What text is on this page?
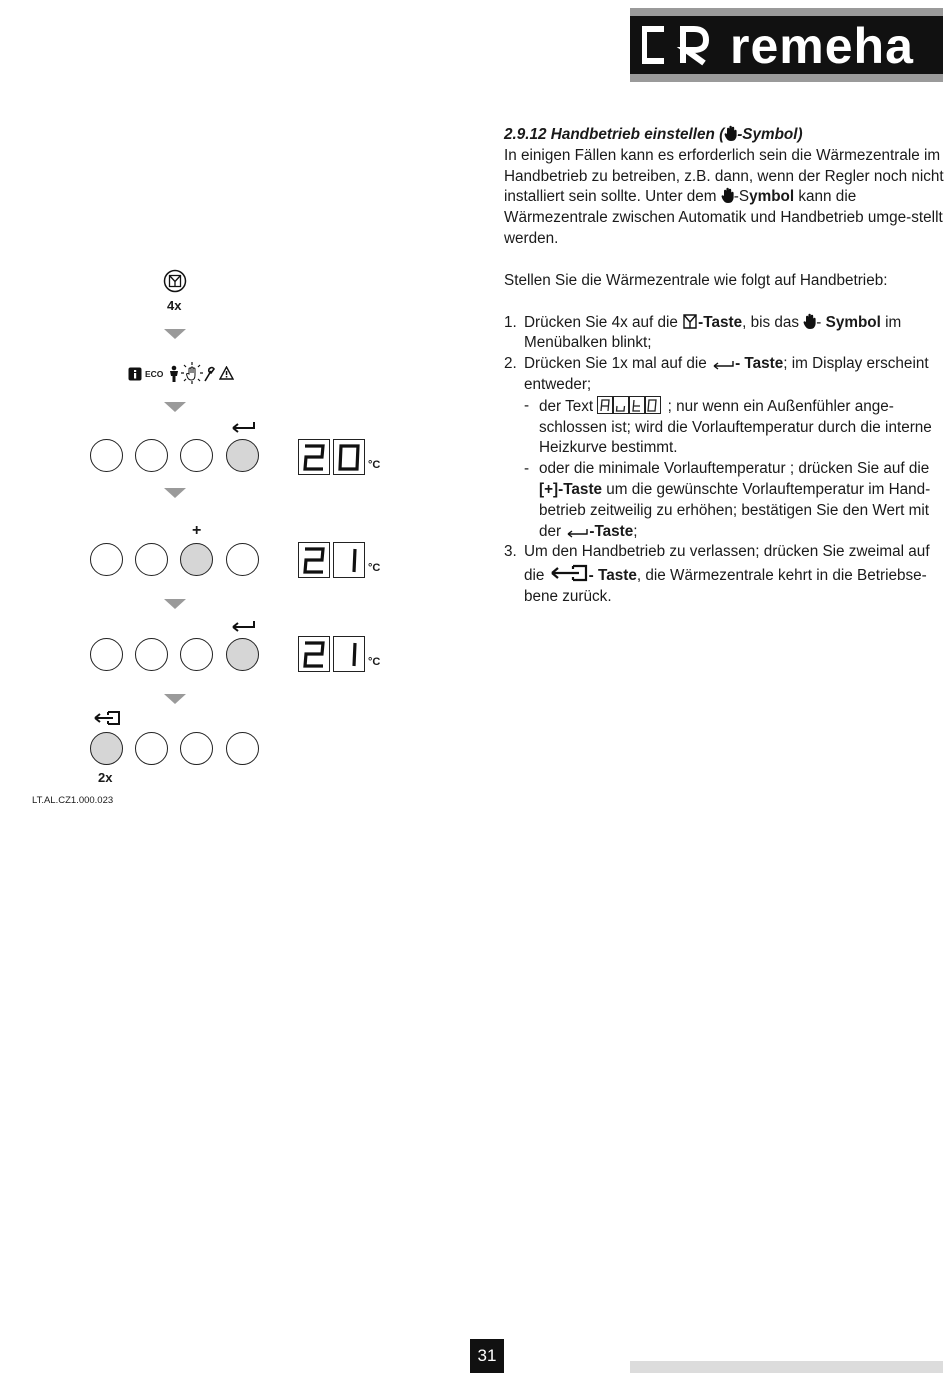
remeha

2.9.12 Handbetrieb einstellen ( -Symbol)

In einigen Fällen kann es erforderlich sein die Wärmezentrale im Handbetrieb zu betreiben, z.B. dann, wenn der Regler noch nicht installiert sein sollte. Unter dem -Symbol kann die Wärmezentrale zwischen Automatik und Handbetrieb umge-stellt werden.

Stellen Sie die Wärmezentrale wie folgt auf Handbetrieb:

1. Drücken Sie 4x auf die -Taste, bis das - Symbol im Menübalken blinkt;
2. Drücken Sie 1x mal auf die - Taste; im Display erscheint entweder;
- der Text	; nur wenn ein Außenfühler ange-schlossen ist; wird die Vorlauftemperatur durch die interne Heizkurve bestimmt.
- oder die minimale Vorlauftemperatur ; drücken Sie auf die [+]-Taste um die gewünschte Vorlauftemperatur im Hand-betrieb zeitweilig zu erhöhen; bestätigen Sie den Wert mit der -Taste;
3. Um den Handbetrieb zu verlassen; drücken Sie zweimal auf die	- Taste, die Wärmezentrale kehrt in die Betriebse-bene zurück.
4x
ECO
°C
+
°C
°C
2x
LT.AL.CZ1.000.023
31
